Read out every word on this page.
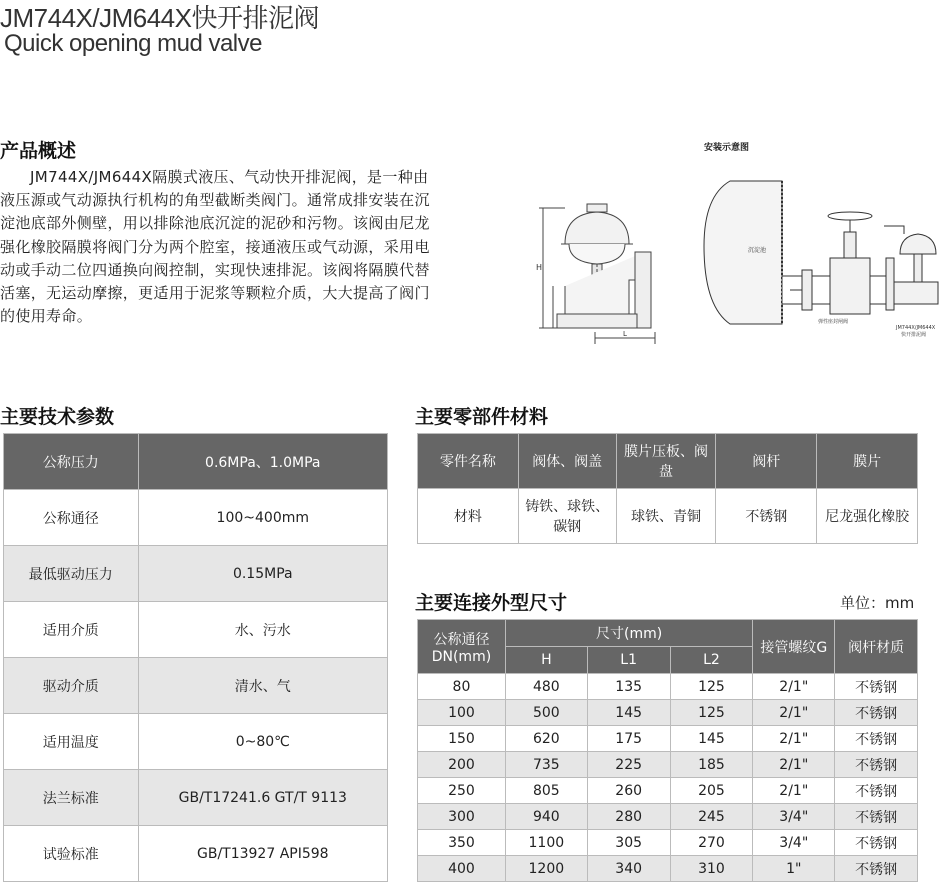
JM744X/JM644X快开排泥阀
Quick opening mud valve
产品概述
JM744X/JM644X隔膜式液压、气动快开排泥阀，是一种由
液压源或气动源执行机构的角型截断类阀门。通常成排安装在沉
淀池底部外侧壁，用以排除池底沉淀的泥砂和污物。该阀由尼龙
强化橡胶隔膜将阀门分为两个腔室，接通液压或气动源，采用电
动或手动二位四通换向阀控制，实现快速排泥。该阀将隔膜代替
活塞，无运动摩擦，更适用于泥浆等颗粒介质，大大提高了阀门
的使用寿命。
H
L
安装示意图
沉淀池
弹性座封闸阀
JM744X/JM644X
快开排泥阀
主要技术参数
公称压力	0.6MPa、1.0MPa
公称通径	100~400mm
最低驱动压力	0.15MPa
适用介质	水、污水
驱动介质	清水、气
适用温度	0~80℃
法兰标准	GB/T17241.6 GT/T 9113
试验标准	GB/T13927 API598
主要零部件材料
零件名称	阀体、阀盖	膜片压板、阀盘	阀杆	膜片
材料	铸铁、球铁、碳钢	球铁、青铜	不锈钢	尼龙强化橡胶
主要连接外型尺寸	单位：mm
公称通径DN(mm)	尺寸(mm)			接管螺纹G	阀杆材质
	H	L1	L2		
80	480	135	125	2/1"	不锈钢
100	500	145	125	2/1"	不锈钢
150	620	175	145	2/1"	不锈钢
200	735	225	185	2/1"	不锈钢
250	805	260	205	2/1"	不锈钢
300	940	280	245	3/4"	不锈钢
350	1100	305	270	3/4"	不锈钢
400	1200	340	310	1"	不锈钢
